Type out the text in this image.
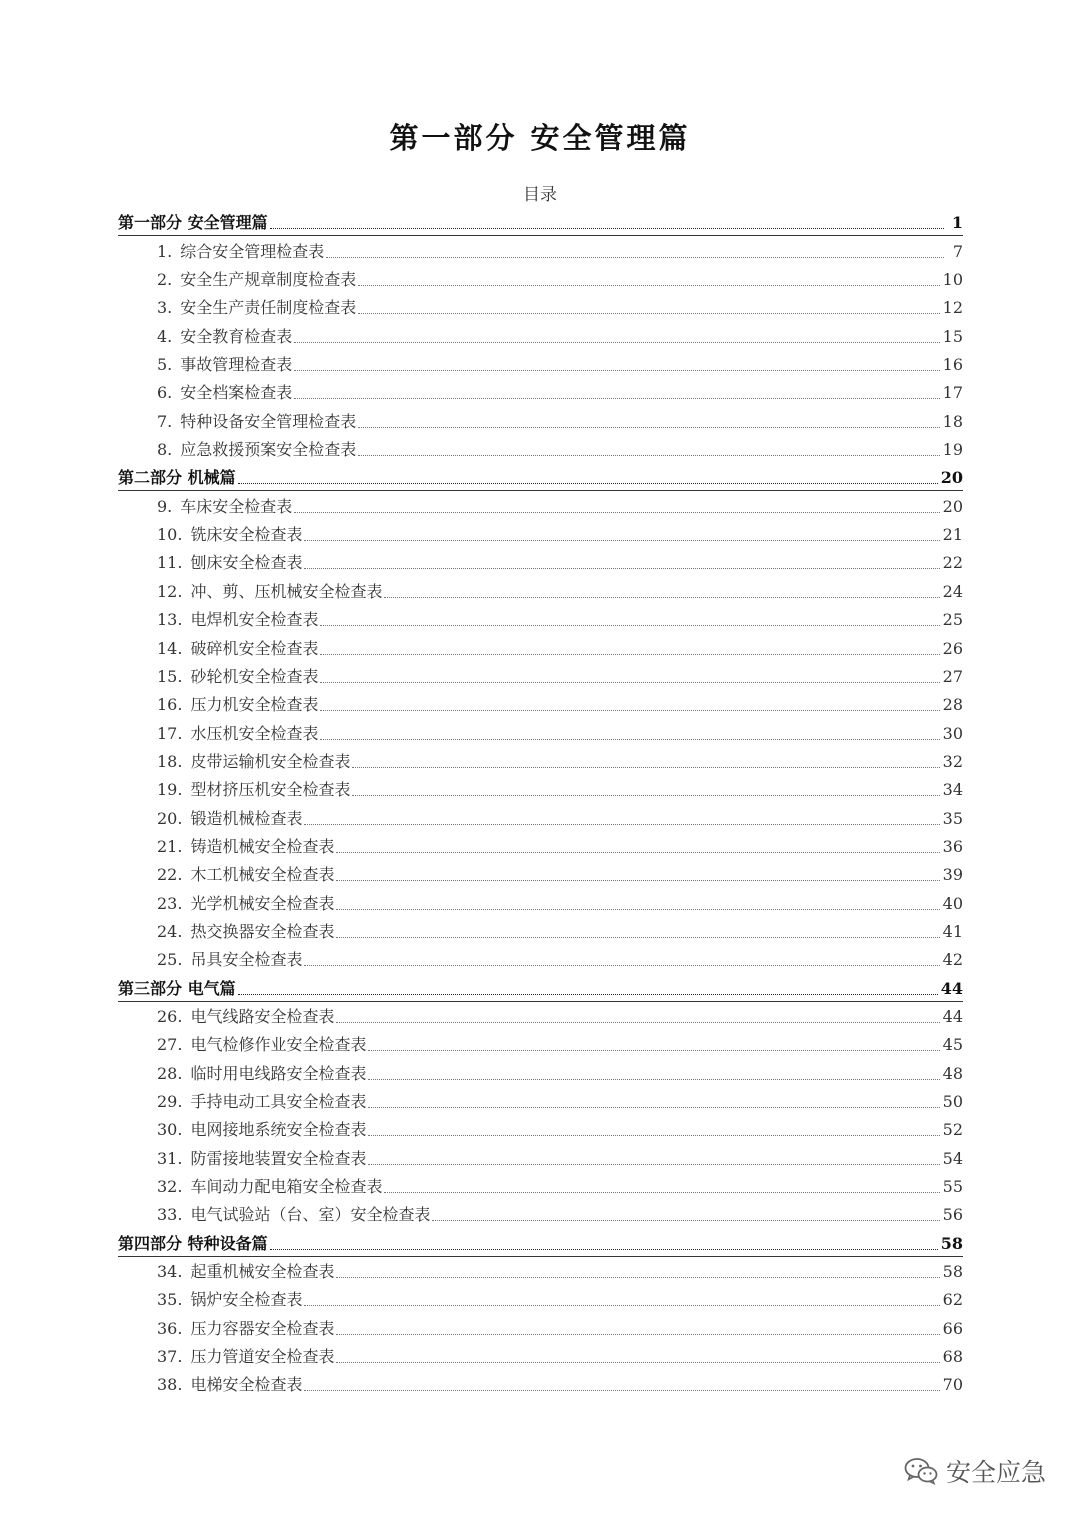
第一部分 安全管理篇
目录
第一部分 安全管理篇	1
1. 综合安全管理检查表	7
2. 安全生产规章制度检查表	10
3. 安全生产责任制度检查表	12
4. 安全教育检查表	15
5. 事故管理检查表	16
6. 安全档案检查表	17
7. 特种设备安全管理检查表	18
8. 应急救援预案安全检查表	19
第二部分 机械篇	20
9. 车床安全检查表	20
10. 铣床安全检查表	21
11. 刨床安全检查表	22
12. 冲、剪、压机械安全检查表	24
13. 电焊机安全检查表	25
14. 破碎机安全检查表	26
15. 砂轮机安全检查表	27
16. 压力机安全检查表	28
17. 水压机安全检查表	30
18. 皮带运输机安全检查表	32
19. 型材挤压机安全检查表	34
20. 锻造机械检查表	35
21. 铸造机械安全检查表	36
22. 木工机械安全检查表	39
23. 光学机械安全检查表	40
24. 热交换器安全检查表	41
25. 吊具安全检查表	42
第三部分 电气篇	44
26. 电气线路安全检查表	44
27. 电气检修作业安全检查表	45
28. 临时用电线路安全检查表	48
29. 手持电动工具安全检查表	50
30. 电网接地系统安全检查表	52
31. 防雷接地装置安全检查表	54
32. 车间动力配电箱安全检查表	55
33. 电气试验站（台、室）安全检查表	56
第四部分 特种设备篇	58
34. 起重机械安全检查表	58
35. 锅炉安全检查表	62
36. 压力容器安全检查表	66
37. 压力管道安全检查表	68
38. 电梯安全检查表	70
安全应急
